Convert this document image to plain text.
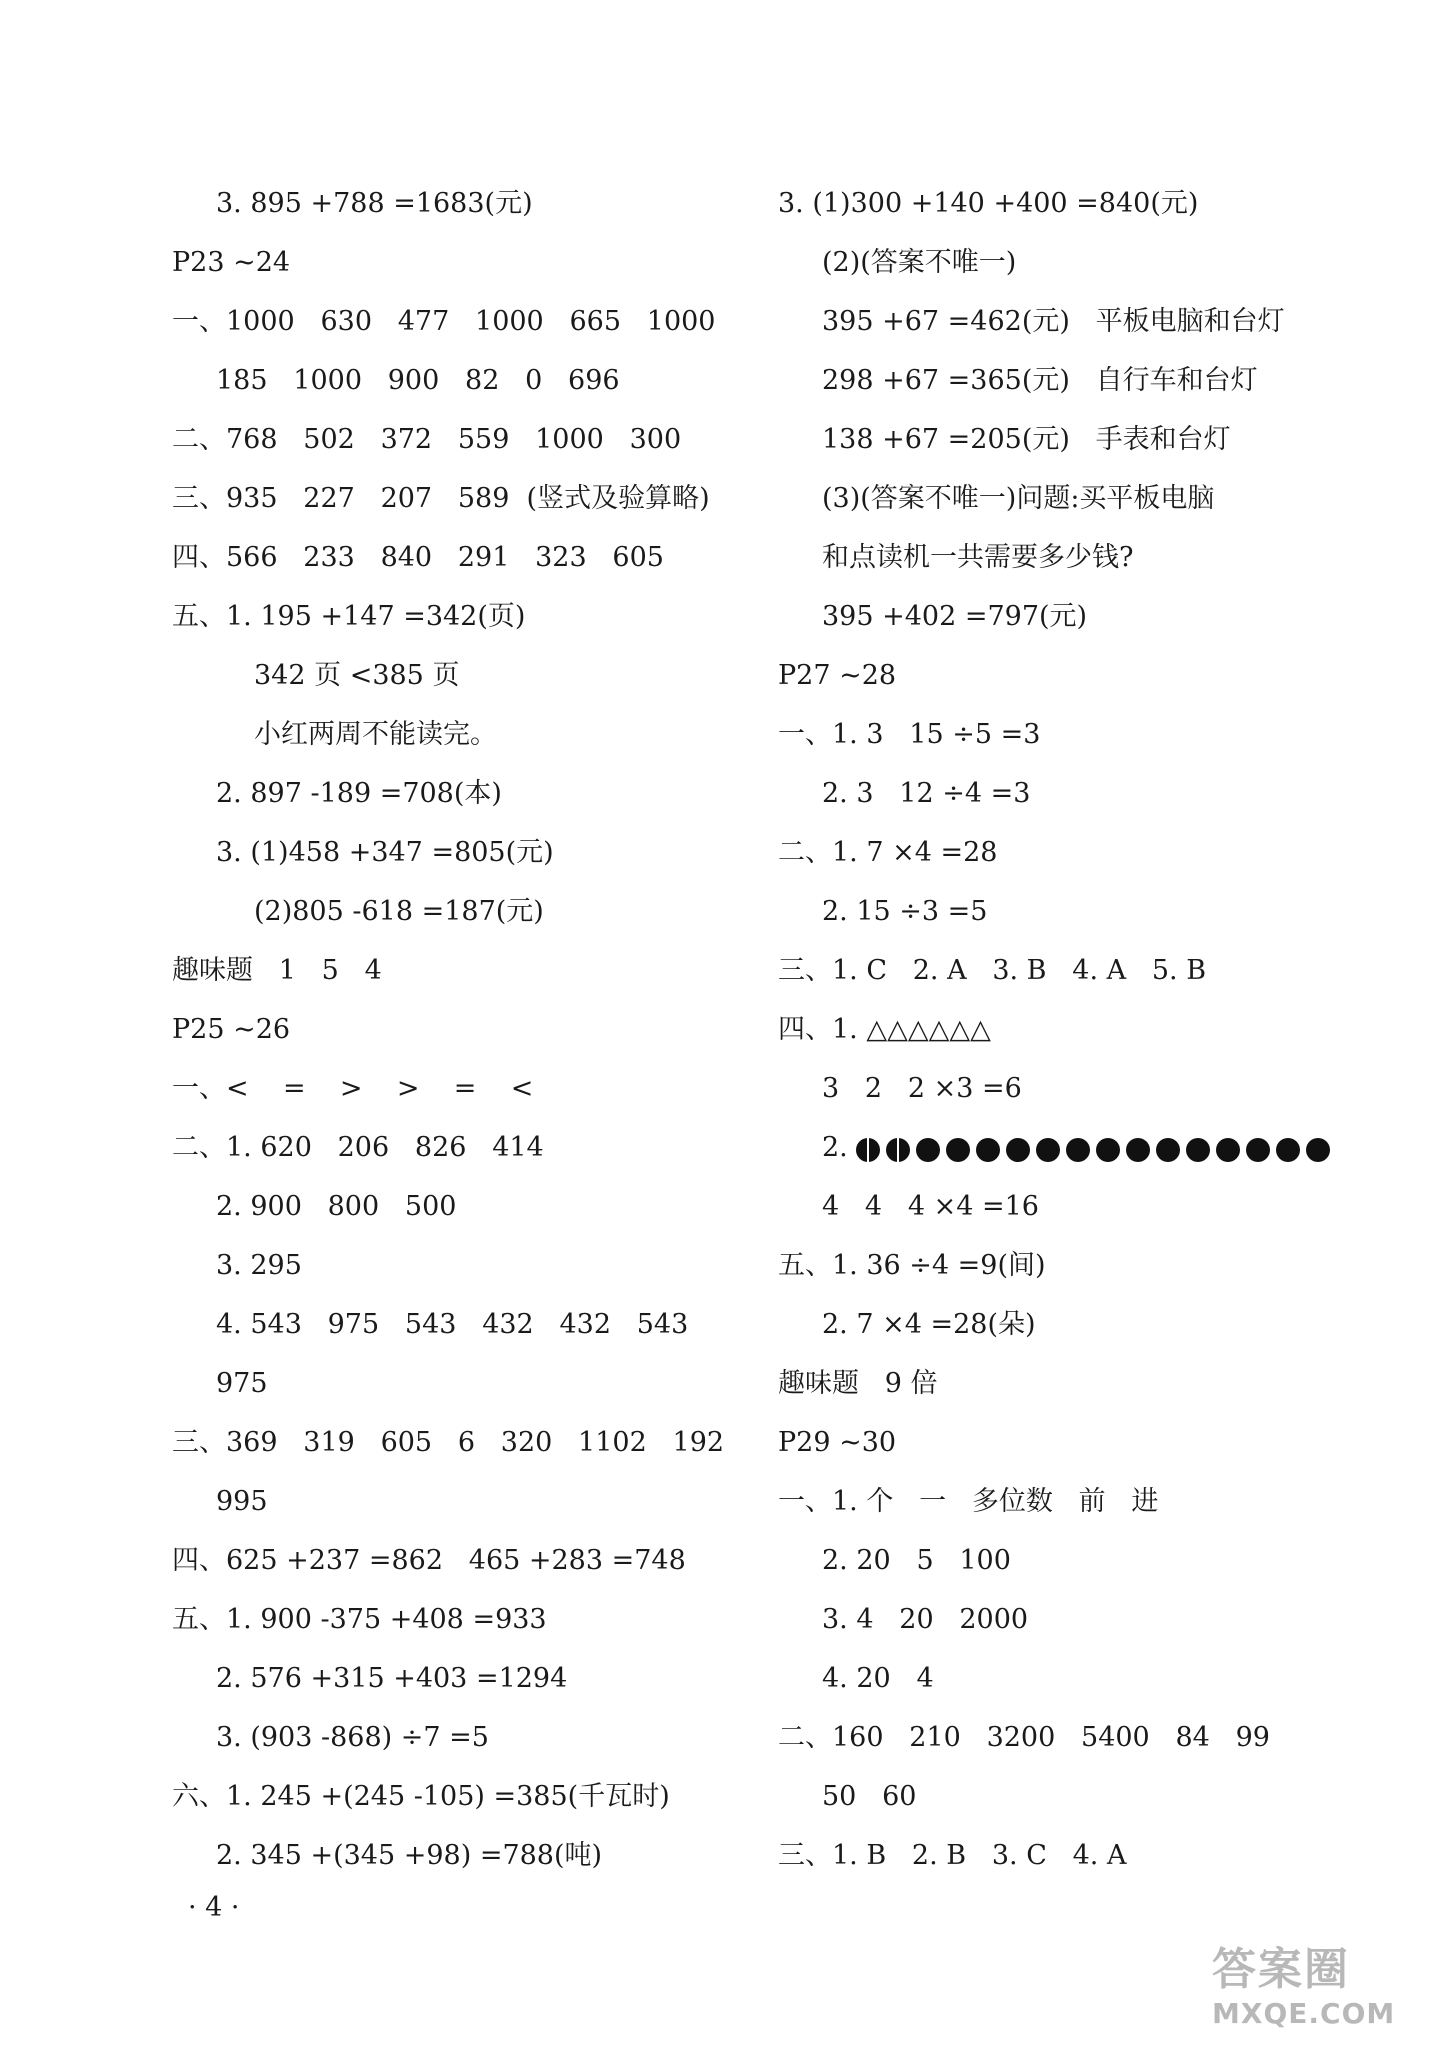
3. 895 +788 =1683(元)
P23 ~24
一、1000   630   477   1000   665   1000
185   1000   900   82   0   696
二、768   502   372   559   1000   300
三、935   227   207   589  (竖式及验算略)
四、566   233   840   291   323   605
五、1. 195 +147 =342(页)
342 页 <385 页
小红两周不能读完。
2. 897 -189 =708(本)
3. (1)458 +347 =805(元)
(2)805 -618 =187(元)
趣味题   1   5   4
P25 ~26
一、<    =    >    >    =    <
二、1. 620   206   826   414
2. 900   800   500
3. 295
4. 543   975   543   432   432   543
975
三、369   319   605   6   320   1102   192
995
四、625 +237 =862   465 +283 =748
五、1. 900 -375 +408 =933
2. 576 +315 +403 =1294
3. (903 -868) ÷7 =5
六、1. 245 +(245 -105) =385(千瓦时)
2. 345 +(345 +98) =788(吨)
3. (1)300 +140 +400 =840(元)
(2)(答案不唯一)
395 +67 =462(元)   平板电脑和台灯
298 +67 =365(元)   自行车和台灯
138 +67 =205(元)   手表和台灯
(3)(答案不唯一)问题:买平板电脑
和点读机一共需要多少钱?
395 +402 =797(元)
P27 ~28
一、1. 3   15 ÷5 =3
2. 3   12 ÷4 =3
二、1. 7 ×4 =28
2. 15 ÷3 =5
三、1. C   2. A   3. B   4. A   5. B
四、1. △△△△△△
3   2   2 ×3 =6
2.
4   4   4 ×4 =16
五、1. 36 ÷4 =9(间)
2. 7 ×4 =28(朵)
趣味题   9 倍
P29 ~30
一、1. 个   一   多位数   前   进
2. 20   5   100
3. 4   20   2000
4. 20   4
二、160   210   3200   5400   84   99
50   60
三、1. B   2. B   3. C   4. A
· 4 ·
答案圈
MXQE.COM
